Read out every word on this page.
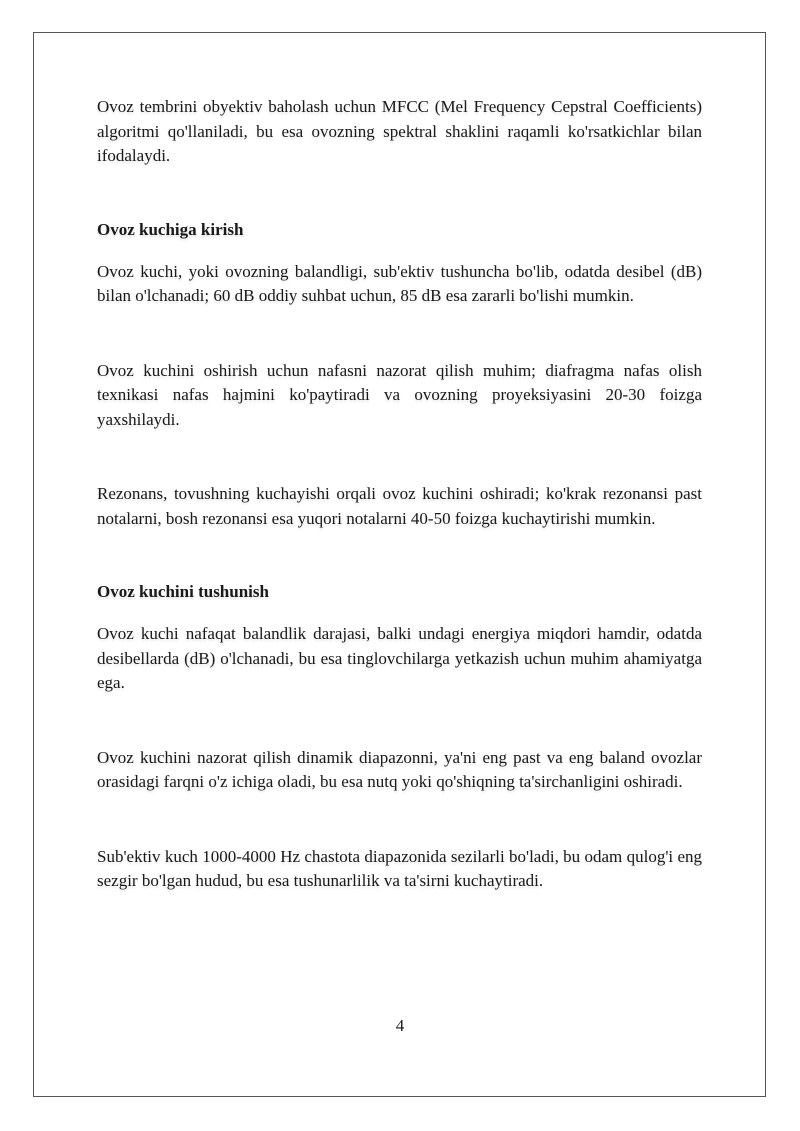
Ovoz tembrini obyektiv baholash uchun MFCC (Mel Frequency Cepstral Coefficients) algoritmi qo'llaniladi, bu esa ovozning spektral shaklini raqamli ko'rsatkichlar bilan ifodalaydi.

Ovoz kuchiga kirish

Ovoz kuchi, yoki ovozning balandligi, sub'ektiv tushuncha bo'lib, odatda desibel (dB) bilan o'lchanadi; 60 dB oddiy suhbat uchun, 85 dB esa zararli bo'lishi mumkin.

Ovoz kuchini oshirish uchun nafasni nazorat qilish muhim; diafragma nafas olish texnikasi nafas hajmini ko'paytiradi va ovozning proyeksiyasini 20-30 foizga yaxshilaydi.

Rezonans, tovushning kuchayishi orqali ovoz kuchini oshiradi; ko'krak rezonansi past notalarni, bosh rezonansi esa yuqori notalarni 40-50 foizga kuchaytirishi mumkin.

Ovoz kuchini tushunish

Ovoz kuchi nafaqat balandlik darajasi, balki undagi energiya miqdori hamdir, odatda desibellarda (dB) o'lchanadi, bu esa tinglovchilarga yetkazish uchun muhim ahamiyatga ega.

Ovoz kuchini nazorat qilish dinamik diapazonni, ya'ni eng past va eng baland ovozlar orasidagi farqni o'z ichiga oladi, bu esa nutq yoki qo'shiqning ta'sirchanligini oshiradi.

Sub'ektiv kuch 1000-4000 Hz chastota diapazonida sezilarli bo'ladi, bu odam qulog'i eng sezgir bo'lgan hudud, bu esa tushunarlilik va ta'sirni kuchaytiradi.

4
